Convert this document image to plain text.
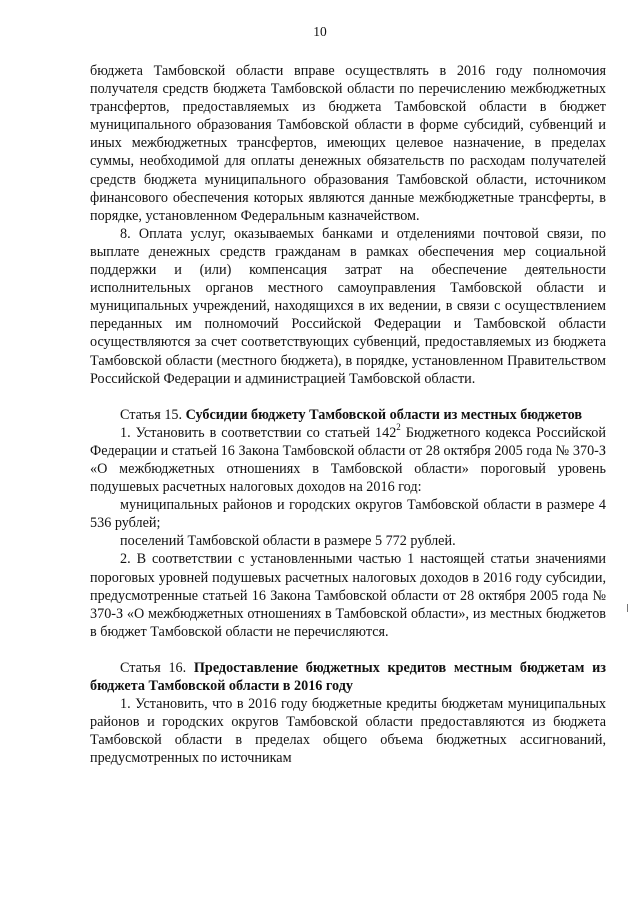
10

бюджета Тамбовской области вправе осуществлять в 2016 году полномочия получателя средств бюджета Тамбовской области по перечислению межбюджетных трансфертов, предоставляемых из бюджета Тамбовской области в бюджет муниципального образования Тамбовской области в форме субсидий, субвенций и иных межбюджетных трансфертов, имеющих целевое назначение, в пределах суммы, необходимой для оплаты денежных обязательств по расходам получателей средств бюджета муниципального образования Тамбовской области, источником финансового обеспечения которых являются данные межбюджетные трансферты, в порядке, установленном Федеральным казначейством.

8. Оплата услуг, оказываемых банками и отделениями почтовой связи, по выплате денежных средств гражданам в рамках обеспечения мер социальной поддержки и (или) компенсация затрат на обеспечение деятельности исполнительных органов местного самоуправления Тамбовской области и муниципальных учреждений, находящихся в их ведении, в связи с осуществлением переданных им полномочий Российской Федерации и Тамбовской области осуществляются за счет соответствующих субвенций, предоставляемых из бюджета Тамбовской области (местного бюджета), в порядке, установленном Правительством Российской Федерации и администрацией Тамбовской области.

Статья 15. Субсидии бюджету Тамбовской области из местных бюджетов

1. Установить в соответствии со статьей $142^2$ Бюджетного кодекса Российской Федерации и статьей 16 Закона Тамбовской области от 28 октября 2005 года № 370-З «О межбюджетных отношениях в Тамбовской области» пороговый уровень подушевых расчетных налоговых доходов на 2016 год:

муниципальных районов и городских округов Тамбовской области в размере 4 536 рублей;

поселений Тамбовской области в размере 5 772 рублей.

2. В соответствии с установленными частью 1 настоящей статьи значениями пороговых уровней подушевых расчетных налоговых доходов в 2016 году субсидии, предусмотренные статьей 16 Закона Тамбовской области от 28 октября 2005 года № 370-З «О межбюджетных отношениях в Тамбовской области», из местных бюджетов в бюджет Тамбовской области не перечисляются.

Статья 16. Предоставление бюджетных кредитов местным бюджетам из бюджета Тамбовской области в 2016 году

1. Установить, что в 2016 году бюджетные кредиты бюджетам муниципальных районов и городских округов Тамбовской области предоставляются из бюджета Тамбовской области в пределах общего объема бюджетных ассигнований, предусмотренных по источникам
